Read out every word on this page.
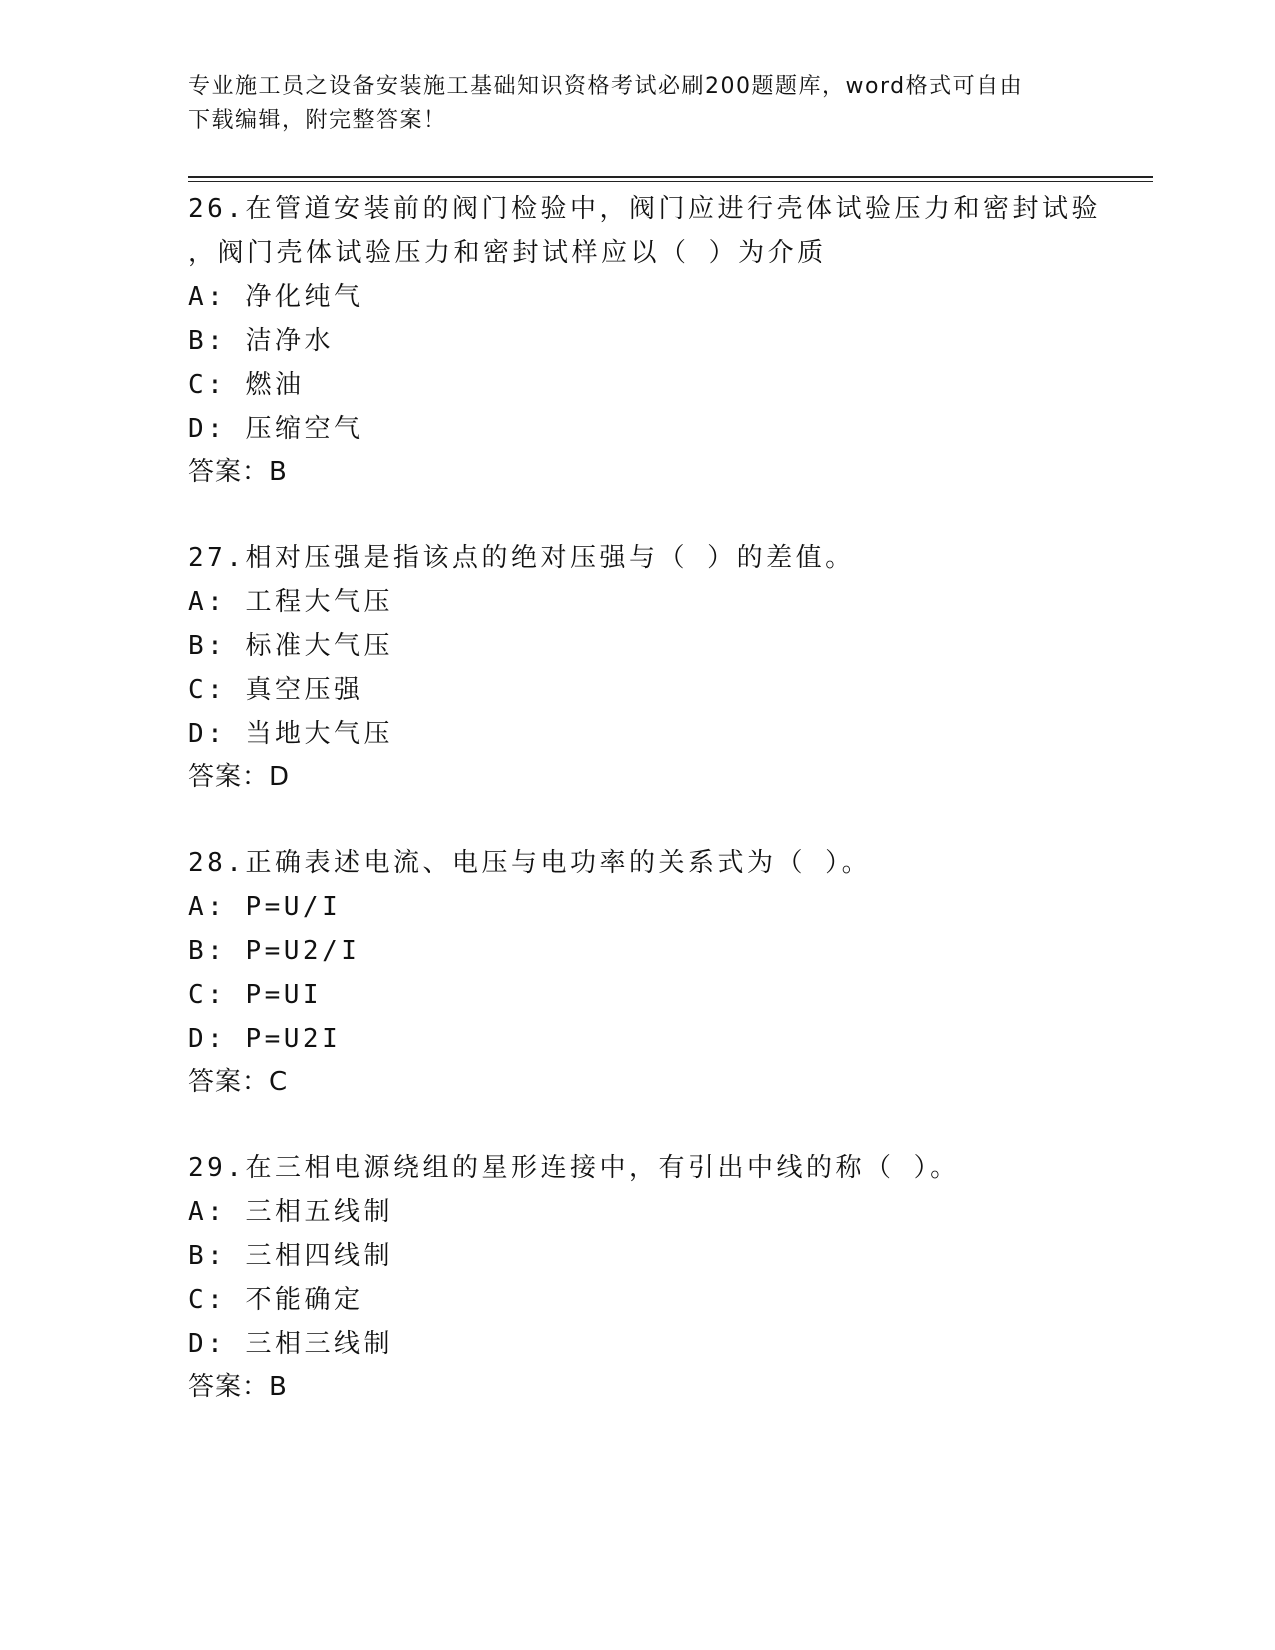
专业施工员之设备安装施工基础知识资格考试必刷200题题库，word格式可自由
下载编辑，附完整答案！
26.在管道安装前的阀门检验中，阀门应进行壳体试验压力和密封试验
，阀门壳体试验压力和密封试样应以（ ）为介质
A: 净化纯气
B: 洁净水
C: 燃油
D: 压缩空气
答案：B
27.相对压强是指该点的绝对压强与（ ）的差值。
A: 工程大气压
B: 标准大气压
C: 真空压强
D: 当地大气压
答案：D
28.正确表述电流、电压与电功率的关系式为（ ）。
A: P=U/I
B: P=U2/I
C: P=UI
D: P=U2I
答案：C
29.在三相电源绕组的星形连接中，有引出中线的称（ ）。
A: 三相五线制
B: 三相四线制
C: 不能确定
D: 三相三线制
答案：B
